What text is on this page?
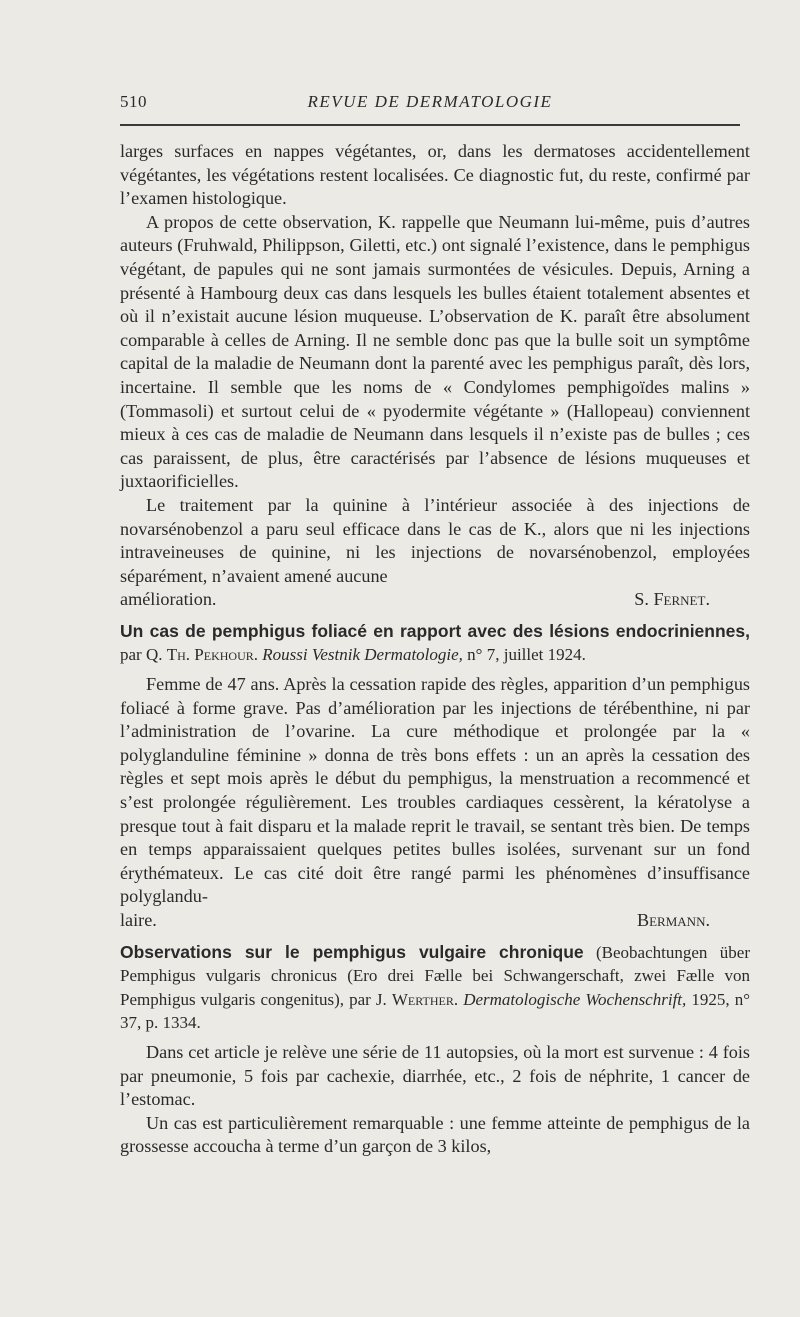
510	REVUE DE DERMATOLOGIE

larges surfaces en nappes végétantes, or, dans les dermatoses accidentellement végétantes, les végétations restent localisées. Ce diagnostic fut, du reste, confirmé par l’examen histologique.

A propos de cette observation, K. rappelle que Neumann lui-même, puis d’autres auteurs (Fruhwald, Philippson, Giletti, etc.) ont signalé l’existence, dans le pemphigus végétant, de papules qui ne sont jamais surmontées de vésicules. Depuis, Arning a présenté à Hambourg deux cas dans lesquels les bulles étaient totalement absentes et où il n’existait aucune lésion muqueuse. L’observation de K. paraît être absolument comparable à celles de Arning. Il ne semble donc pas que la bulle soit un symptôme capital de la maladie de Neumann dont la parenté avec les pemphigus paraît, dès lors, incertaine. Il semble que les noms de « Condylomes pemphigoïdes malins » (Tommasoli) et surtout celui de « pyodermite végétante » (Hallopeau) conviennent mieux à ces cas de maladie de Neumann dans lesquels il n’existe pas de bulles ; ces cas paraissent, de plus, être caractérisés par l’absence de lésions muqueuses et juxtaorificielles.

Le traitement par la quinine à l’intérieur associée à des injections de novarsénobenzol a paru seul efficace dans le cas de K., alors que ni les injections intraveineuses de quinine, ni les injections de novarsénobenzol, employées séparément, n’avaient amené aucune

amélioration.	S. Fernet.

Un cas de pemphigus foliacé en rapport avec des lésions endocriniennes, par Q. Th. Pekhour. Roussi Vestnik Dermatologie, n° 7, juillet 1924.

Femme de 47 ans. Après la cessation rapide des règles, apparition d’un pemphigus foliacé à forme grave. Pas d’amélioration par les injections de térébenthine, ni par l’administration de l’ovarine. La cure méthodique et prolongée par la « polyglanduline féminine » donna de très bons effets : un an après la cessation des règles et sept mois après le début du pemphigus, la menstruation a recommencé et s’est prolongée régulièrement. Les troubles cardiaques cessèrent, la kératolyse a presque tout à fait disparu et la malade reprit le travail, se sentant très bien. De temps en temps apparaissaient quelques petites bulles isolées, survenant sur un fond érythémateux. Le cas cité doit être rangé parmi les phénomènes d’insuffisance polyglandu-

laire.	Bermann.

Observations sur le pemphigus vulgaire chronique (Beobachtungen über Pemphigus vulgaris chronicus (Ero drei Fælle bei Schwangerschaft, zwei Fælle von Pemphigus vulgaris congenitus), par J. Werther. Dermatologische Wochenschrift, 1925, n° 37, p. 1334.

Dans cet article je relève une série de 11 autopsies, où la mort est survenue : 4 fois par pneumonie, 5 fois par cachexie, diarrhée, etc., 2 fois de néphrite, 1 cancer de l’estomac.

Un cas est particulièrement remarquable : une femme atteinte de pemphigus de la grossesse accoucha à terme d’un garçon de 3 kilos,
